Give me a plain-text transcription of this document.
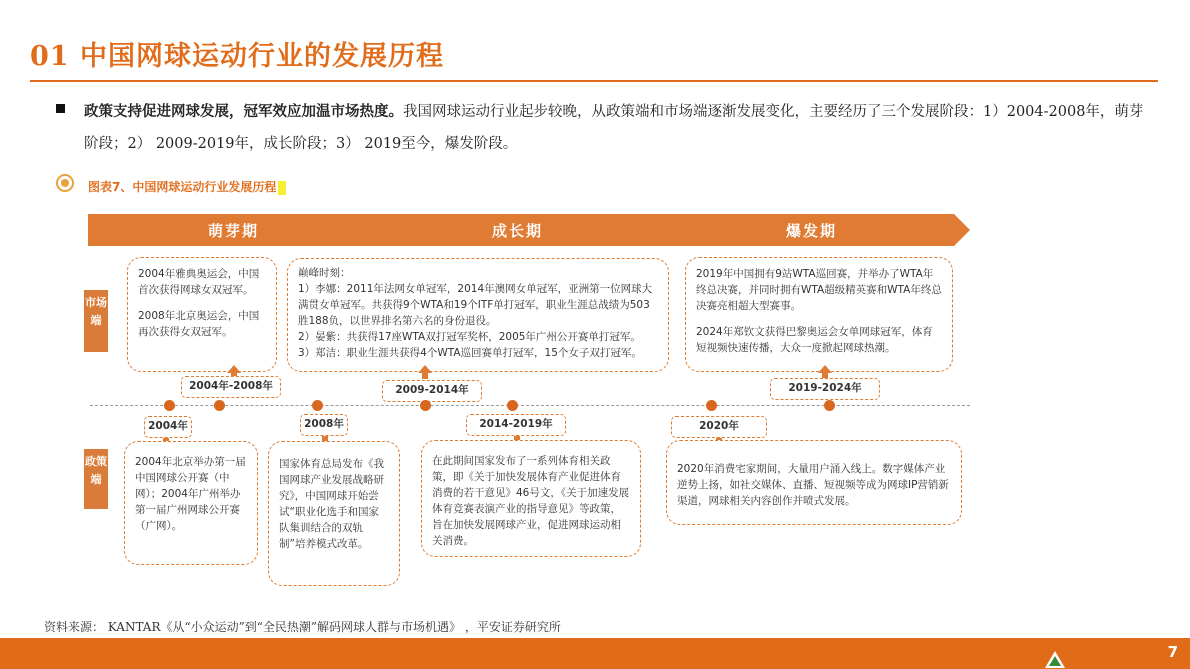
01 中国网球运动行业的发展历程
政策支持促进网球发展，冠军效应加温市场热度。我国网球运动行业起步较晚，从政策端和市场端逐渐发展变化，主要经历了三个发展阶段：1）2004-2008年，萌芽阶段；2） 2009-2019年，成长阶段；3） 2019至今，爆发阶段。
图表7、中国网球运动行业发展历程
萌芽期	成长期	爆发期
市场端
政策端

2004年雅典奥运会，中国首次获得网球女双冠军。

2008年北京奥运会，中国再次获得女双冠军。

巅峰时刻：

1）李娜：2011年法网女单冠军，2014年澳网女单冠军，亚洲第一位网球大满贯女单冠军。共获得9个WTA和19个ITF单打冠军，职业生涯总战绩为503胜188负，以世界排名第六名的身份退役。

2）晏紫：共获得17座WTA双打冠军奖杯，2005年广州公开赛单打冠军。

3）郑洁：职业生涯共获得4个WTA巡回赛单打冠军，15个女子双打冠军。

2019年中国拥有9站WTA巡回赛，并举办了WTA年终总决赛，并同时拥有WTA超级精英赛和WTA年终总决赛亮相超大型赛事。

2024年郑钦文获得巴黎奥运会女单网球冠军，体育短视频快速传播，大众一度掀起网球热潮。

2004年-2008年	2009-2014年	2019-2024年
2004年	2008年	2014-2019年	2020年
2004年北京举办第一届中国网球公开赛（中网）；2004年广州举办第一届广州网球公开赛（广网）。
国家体育总局发布《我国网球产业发展战略研究》，中国网球开始尝试“职业化选手和国家队集训结合的双轨制”培养模式改革。
在此期间国家发布了一系列体育相关政策，即《关于加快发展体育产业促进体育消费的若干意见》46号文，《关于加速发展体育竞赛表演产业的指导意见》等政策，旨在加快发展网球产业，促进网球运动相关消费。
2020年消费宅家期间，大量用户涌入线上。数字媒体产业逆势上扬，如社交媒体、直播、短视频等成为网球IP营销新渠道，网球相关内容创作并喷式发展。
资料来源： KANTAR《从“小众运动”到“全民热潮”解码网球人群与市场机遇》 ，平安证券研究所
7
